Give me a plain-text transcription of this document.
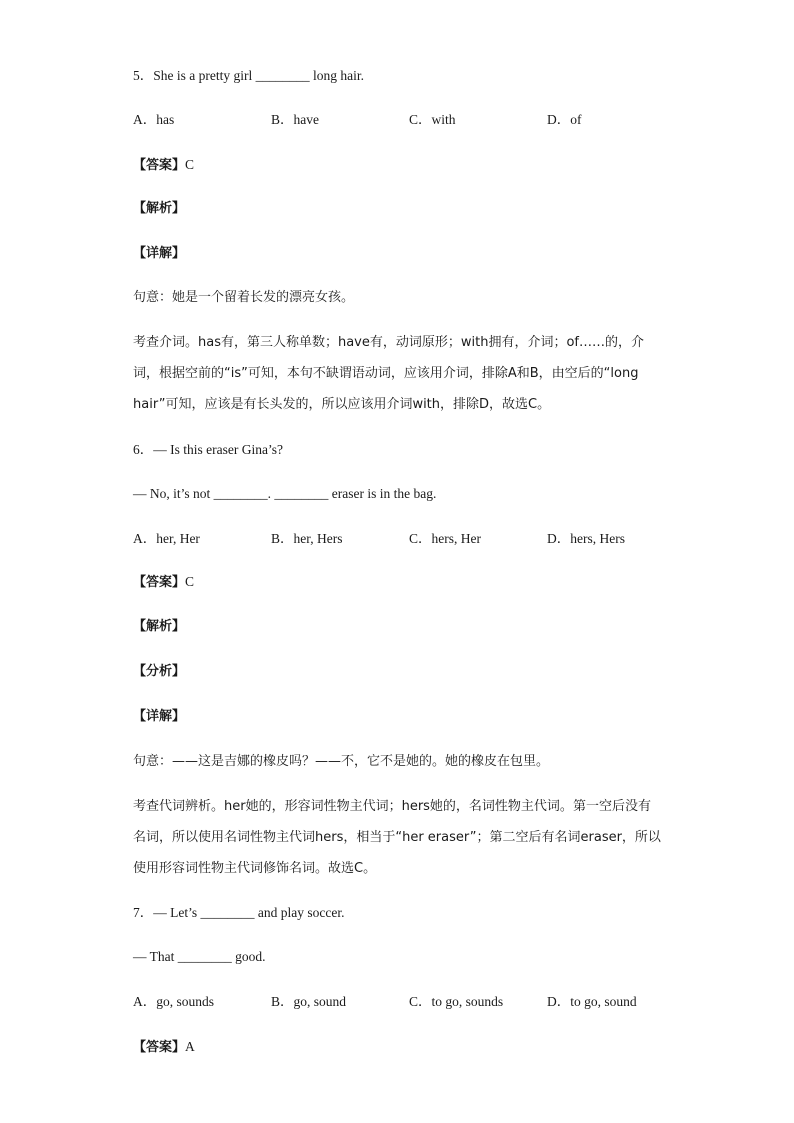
5．She is a pretty girl ________ long hair.
A．has	B．have	C．with	D．of
【答案】C
【解析】
【详解】
句意：她是一个留着长发的漂亮女孩。
考查介词。has有，第三人称单数；have有，动词原形；with拥有，介词；of……的，介词，根据空前的“is”可知，本句不缺谓语动词，应该用介词，排除A和B，由空后的“long hair”可知，应该是有长头发的，所以应该用介词with，排除D，故选C。
6．— Is this eraser Gina’s?
— No, it’s not ________. ________ eraser is in the bag.
A．her, Her	B．her, Hers	C．hers, Her	D．hers, Hers
【答案】C
【解析】
【分析】
【详解】
句意：——这是吉娜的橡皮吗？——不，它不是她的。她的橡皮在包里。
考查代词辨析。her她的，形容词性物主代词；hers她的，名词性物主代词。第一空后没有名词，所以使用名词性物主代词hers，相当于“her eraser”；第二空后有名词eraser，所以使用形容词性物主代词修饰名词。故选C。
7．— Let’s ________ and play soccer.
— That ________ good.
A．go, sounds	B．go, sound	C．to go, sounds	D．to go, sound
【答案】A
